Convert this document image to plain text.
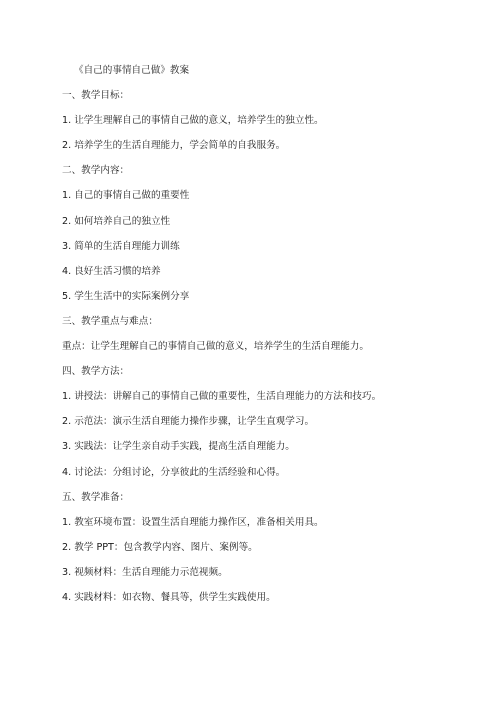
《自己的事情自己做》教案
一、教学目标：
1. 让学生理解自己的事情自己做的意义，培养学生的独立性。
2. 培养学生的生活自理能力，学会简单的自我服务。
二、教学内容：
1. 自己的事情自己做的重要性
2. 如何培养自己的独立性
3. 简单的生活自理能力训练
4. 良好生活习惯的培养
5. 学生生活中的实际案例分享
三、教学重点与难点：
重点：让学生理解自己的事情自己做的意义，培养学生的生活自理能力。
四、教学方法：
1. 讲授法：讲解自己的事情自己做的重要性，生活自理能力的方法和技巧。
2. 示范法：演示生活自理能力操作步骤，让学生直观学习。
3. 实践法：让学生亲自动手实践，提高生活自理能力。
4. 讨论法：分组讨论，分享彼此的生活经验和心得。
五、教学准备：
1. 教室环境布置：设置生活自理能力操作区，准备相关用具。
2. 教学 PPT：包含教学内容、图片、案例等。
3. 视频材料：生活自理能力示范视频。
4. 实践材料：如衣物、餐具等，供学生实践使用。
